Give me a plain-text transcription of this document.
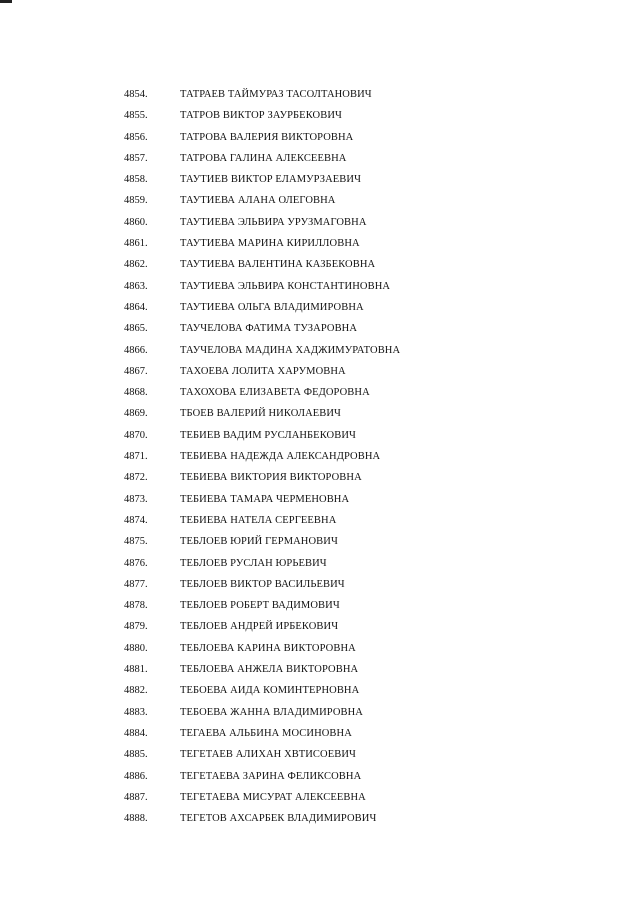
4854.	ТАТРАЕВ ТАЙМУРАЗ ТАСОЛТАНОВИЧ
4855.	ТАТРОВ ВИКТОР ЗАУРБЕКОВИЧ
4856.	ТАТРОВА ВАЛЕРИЯ ВИКТОРОВНА
4857.	ТАТРОВА ГАЛИНА АЛЕКСЕЕВНА
4858.	ТАУТИЕВ ВИКТОР ЕЛАМУРЗАЕВИЧ
4859.	ТАУТИЕВА АЛАНА ОЛЕГОВНА
4860.	ТАУТИЕВА ЭЛЬВИРА УРУЗМАГОВНА
4861.	ТАУТИЕВА МАРИНА КИРИЛЛОВНА
4862.	ТАУТИЕВА ВАЛЕНТИНА КАЗБЕКОВНА
4863.	ТАУТИЕВА ЭЛЬВИРА КОНСТАНТИНОВНА
4864.	ТАУТИЕВА ОЛЬГА ВЛАДИМИРОВНА
4865.	ТАУЧЕЛОВА ФАТИМА ТУЗАРОВНА
4866.	ТАУЧЕЛОВА МАДИНА ХАДЖИМУРАТОВНА
4867.	ТАХОЕВА ЛОЛИТА ХАРУМОВНА
4868.	ТАХОХОВА ЕЛИЗАВЕТА ФЕДОРОВНА
4869.	ТБОЕВ ВАЛЕРИЙ НИКОЛАЕВИЧ
4870.	ТЕБИЕВ ВАДИМ РУСЛАНБЕКОВИЧ
4871.	ТЕБИЕВА НАДЕЖДА АЛЕКСАНДРОВНА
4872.	ТЕБИЕВА ВИКТОРИЯ ВИКТОРОВНА
4873.	ТЕБИЕВА ТАМАРА ЧЕРМЕНОВНА
4874.	ТЕБИЕВА НАТЕЛА СЕРГЕЕВНА
4875.	ТЕБЛОЕВ ЮРИЙ ГЕРМАНОВИЧ
4876.	ТЕБЛОЕВ РУСЛАН ЮРЬЕВИЧ
4877.	ТЕБЛОЕВ ВИКТОР ВАСИЛЬЕВИЧ
4878.	ТЕБЛОЕВ РОБЕРТ ВАДИМОВИЧ
4879.	ТЕБЛОЕВ АНДРЕЙ ИРБЕКОВИЧ
4880.	ТЕБЛОЕВА КАРИНА ВИКТОРОВНА
4881.	ТЕБЛОЕВА АНЖЕЛА ВИКТОРОВНА
4882.	ТЕБОЕВА АИДА КОМИНТЕРНОВНА
4883.	ТЕБОЕВА ЖАННА ВЛАДИМИРОВНА
4884.	ТЕГАЕВА АЛЬБИНА МОСИНОВНА
4885.	ТЕГЕТАЕВ АЛИХАН ХВТИСОЕВИЧ
4886.	ТЕГЕТАЕВА ЗАРИНА ФЕЛИКСОВНА
4887.	ТЕГЕТАЕВА МИСУРАТ АЛЕКСЕЕВНА
4888.	ТЕГЕТОВ АХСАРБЕК ВЛАДИМИРОВИЧ
